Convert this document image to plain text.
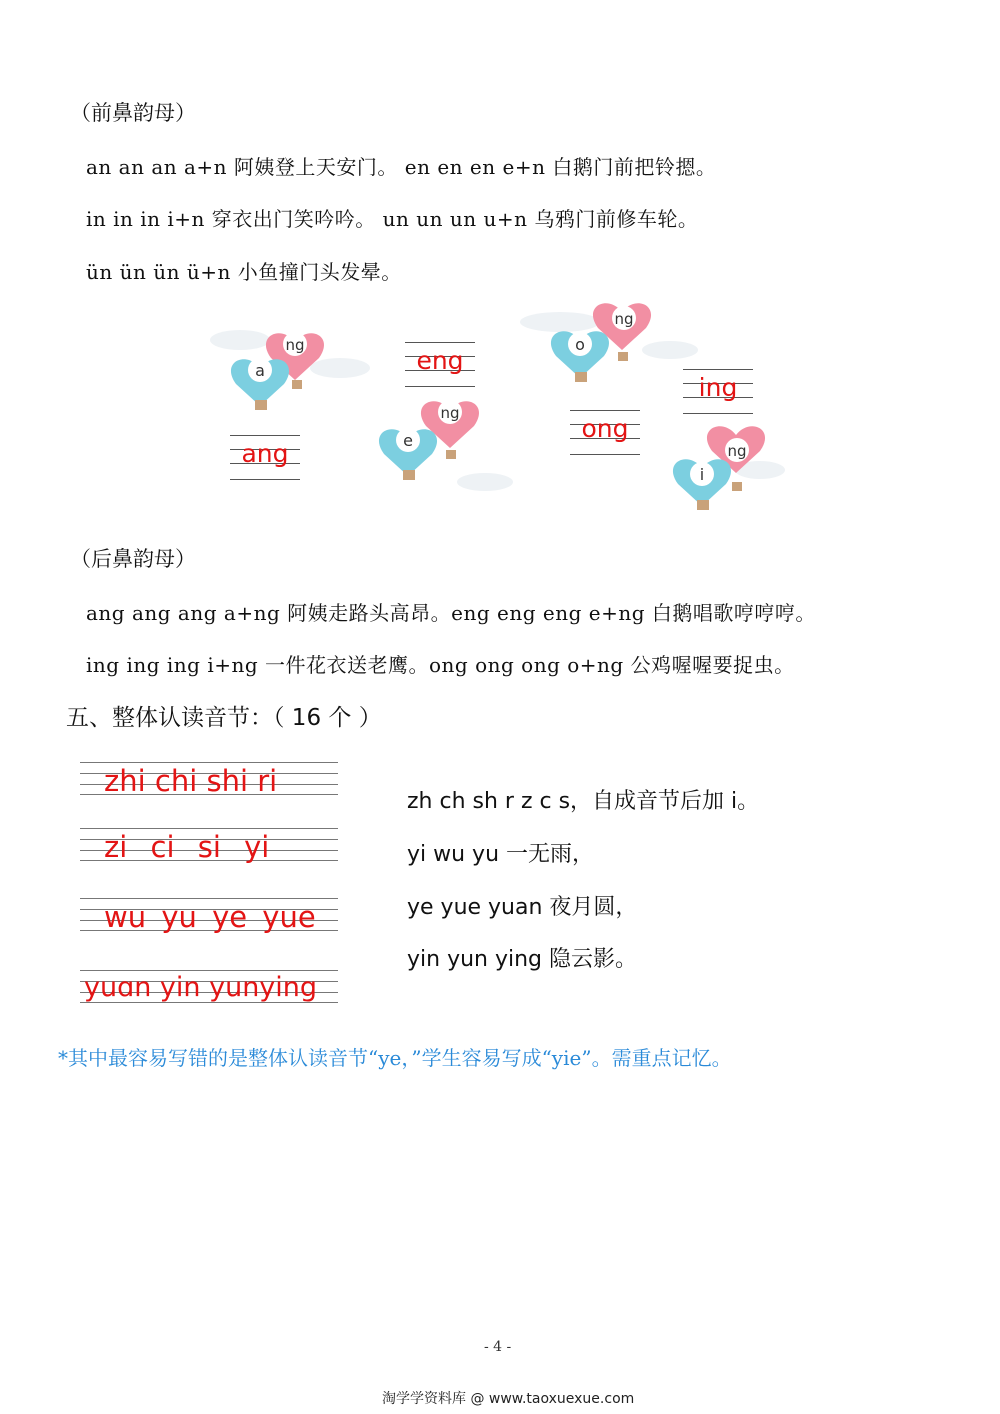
（前鼻韵母）
an an an a+n 阿姨登上天安门。 en en en e+n 白鹅门前把铃摁。
in in in i+n 穿衣出门笑吟吟。 un un un u+n 乌鸦门前修车轮。
ün ün ün ü+n 小鱼撞门头发晕。
a
ng
e
ng
o
ng
i
ng
eng
ang
ing
ong
（后鼻韵母）
ang ang ang a+ng 阿姨走路头高昂。eng eng eng e+ng 白鹅唱歌哼哼哼。
ing ing ing i+ng 一件花衣送老鹰。ong ong ong o+ng 公鸡喔喔要捉虫。
五、整体认读音节：（ 16 个 ）
zhi chi shi ri
zi ci si yi
wu yu ye yue
yuɑn yin yunying
zh ch sh r z c s，自成音节后加 i。
yi wu yu 一无雨，
ye yue yuan 夜月圆，
yin yun ying 隐云影。
*其中最容易写错的是整体认读音节“ye，”学生容易写成“yie”。需重点记忆。
- 4 -
淘学学资料库 @ www.taoxuexue.com
